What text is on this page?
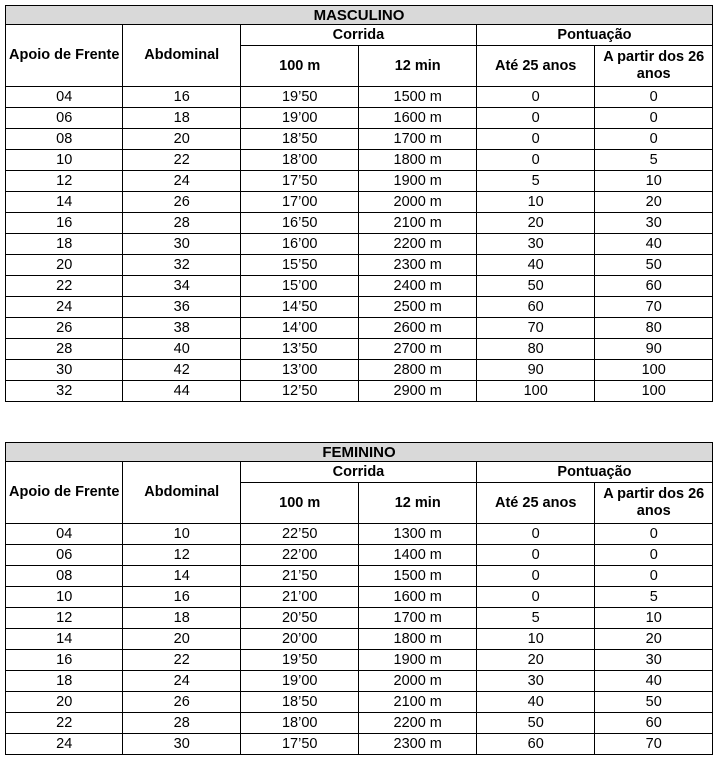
MASCULINO					
Apoio de Frente	Abdominal	Corrida		Pontuação	
		100 m	12 min	Até 25 anos	A partir dos 26 anos
04	16	19’50	1500 m	0	0
06	18	19’00	1600 m	0	0
08	20	18’50	1700 m	0	0
10	22	18’00	1800 m	0	5
12	24	17’50	1900 m	5	10
14	26	17’00	2000 m	10	20
16	28	16’50	2100 m	20	30
18	30	16’00	2200 m	30	40
20	32	15’50	2300 m	40	50
22	34	15’00	2400 m	50	60
24	36	14’50	2500 m	60	70
26	38	14’00	2600 m	70	80
28	40	13’50	2700 m	80	90
30	42	13’00	2800 m	90	100
32	44	12’50	2900 m	100	100
FEMININO					
Apoio de Frente	Abdominal	Corrida		Pontuação	
		100 m	12 min	Até 25 anos	A partir dos 26 anos
04	10	22’50	1300 m	0	0
06	12	22’00	1400 m	0	0
08	14	21’50	1500 m	0	0
10	16	21’00	1600 m	0	5
12	18	20’50	1700 m	5	10
14	20	20’00	1800 m	10	20
16	22	19’50	1900 m	20	30
18	24	19’00	2000 m	30	40
20	26	18’50	2100 m	40	50
22	28	18’00	2200 m	50	60
24	30	17’50	2300 m	60	70
